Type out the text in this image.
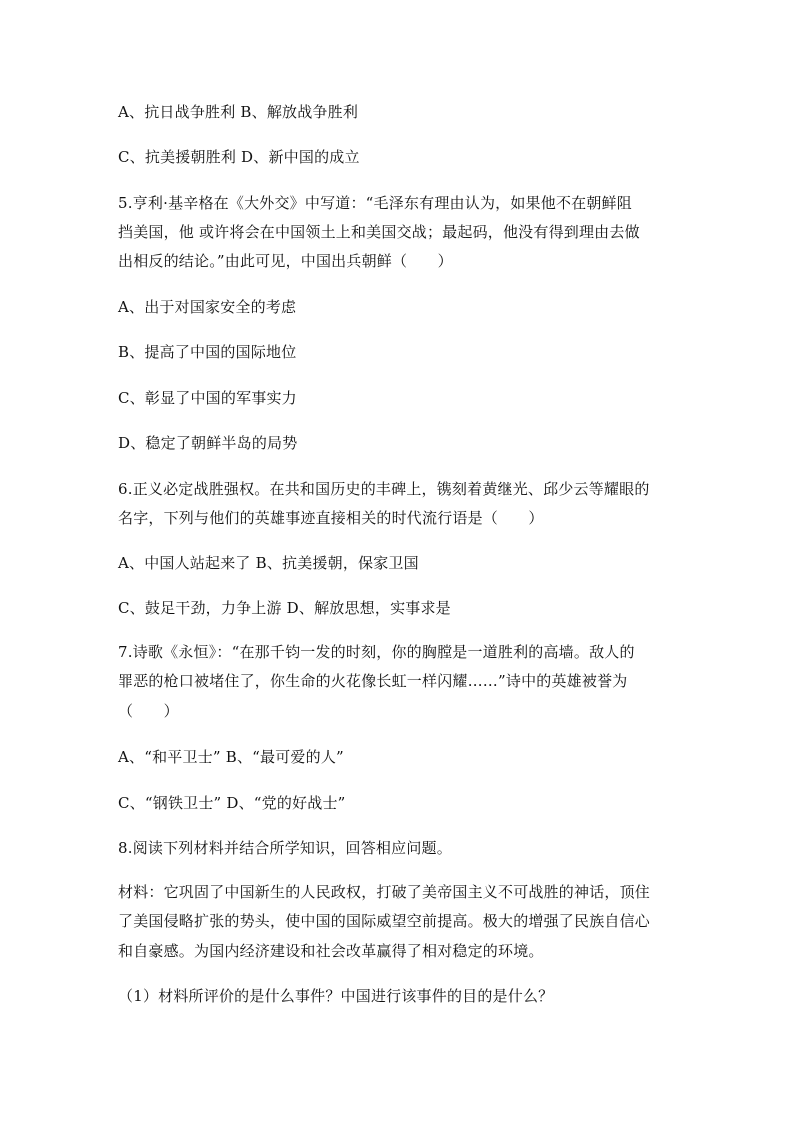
A、抗日战争胜利 B、解放战争胜利
C、抗美援朝胜利 D、新中国的成立
5.亨利·基辛格在《大外交》中写道：“毛泽东有理由认为，如果他不在朝鲜阻
挡美国，他 或许将会在中国领土上和美国交战；最起码，他没有得到理由去做
出相反的结论。”由此可见，中国出兵朝鲜（　　）
A、出于对国家安全的考虑
B、提高了中国的国际地位
C、彰显了中国的军事实力
D、稳定了朝鲜半岛的局势
6.正义必定战胜强权。在共和国历史的丰碑上，镌刻着黄继光、邱少云等耀眼的
名字，下列与他们的英雄事迹直接相关的时代流行语是（　　）
A、中国人站起来了 B、抗美援朝，保家卫国
C、鼓足干劲，力争上游 D、解放思想，实事求是
7.诗歌《永恒》：“在那千钧一发的时刻，你的胸膛是一道胜利的高墙。敌人的
罪恶的枪口被堵住了，你生命的火花像长虹一样闪耀……”诗中的英雄被誉为
（　　）
A、“和平卫士” B、“最可爱的人”
C、“钢铁卫士” D、“党的好战士”
8.阅读下列材料并结合所学知识，回答相应问题。
材料：它巩固了中国新生的人民政权，打破了美帝国主义不可战胜的神话，顶住
了美国侵略扩张的势头，使中国的国际威望空前提高。极大的增强了民族自信心
和自豪感。为国内经济建设和社会改革赢得了相对稳定的环境。
（1）材料所评价的是什么事件？中国进行该事件的目的是什么？
